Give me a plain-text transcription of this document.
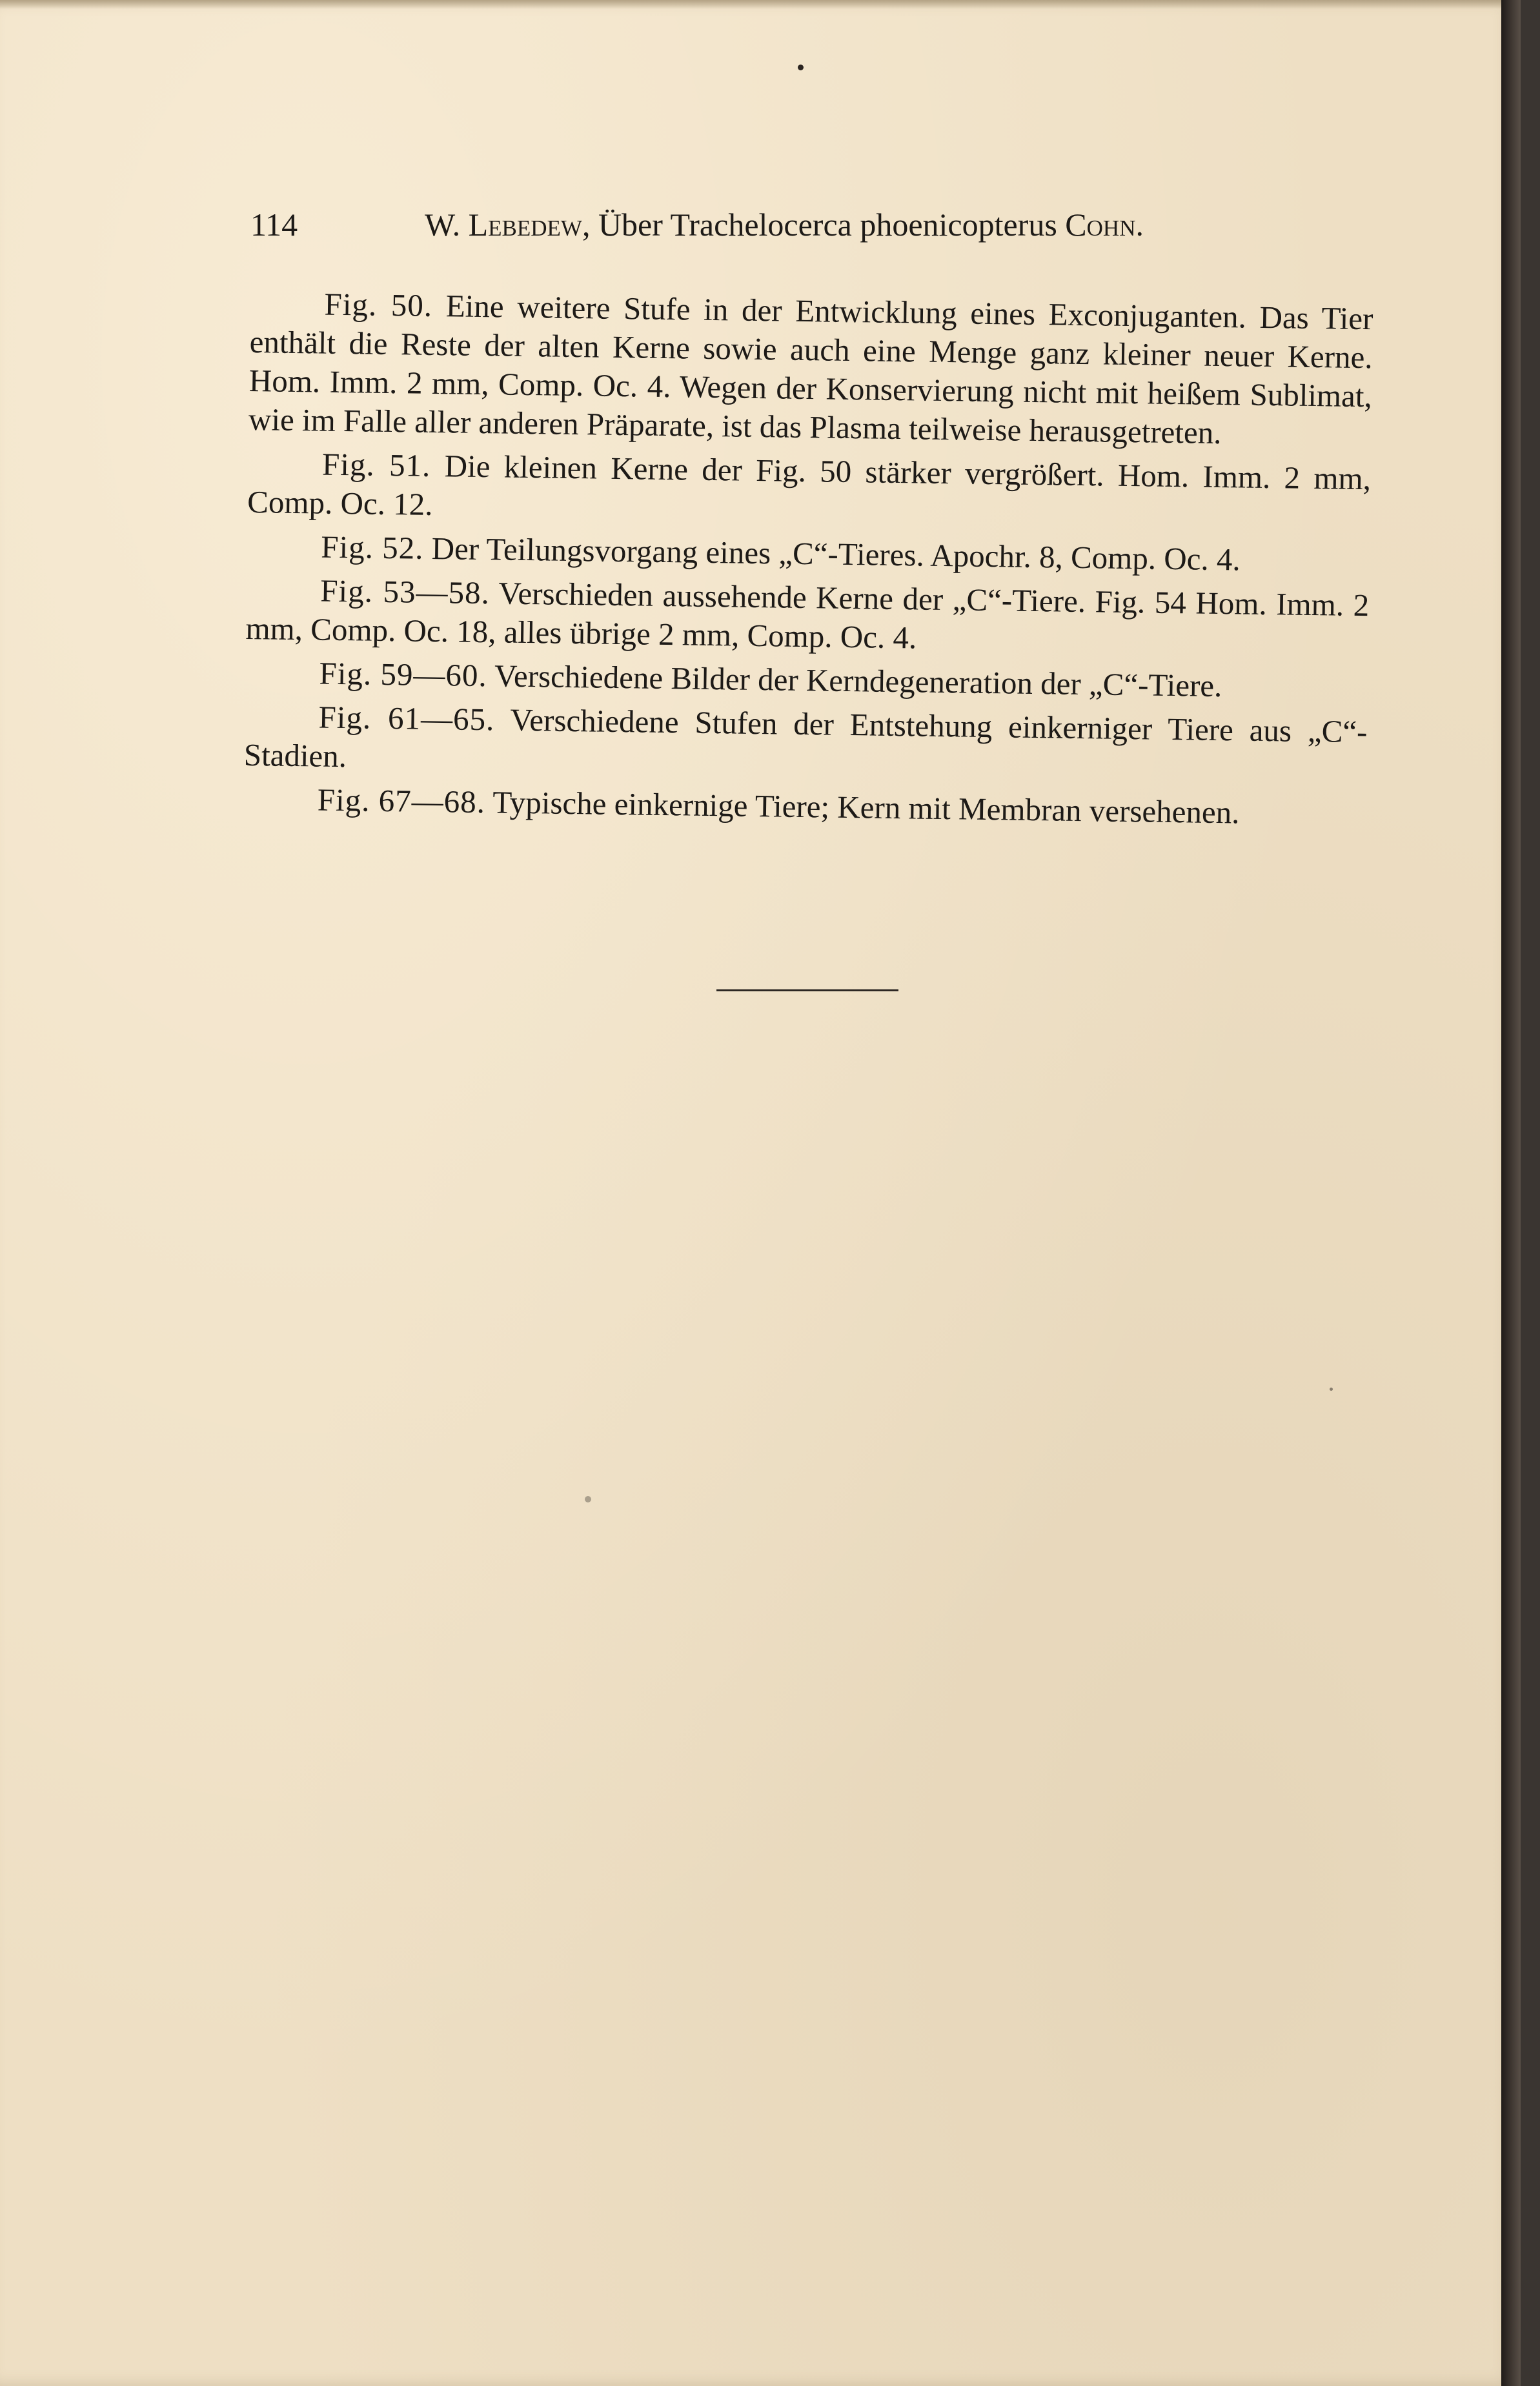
114	W. Lebedew, Über Trachelocerca phoenicopterus Cohn.

Fig. 50. Eine weitere Stufe in der Entwicklung eines Exconjuganten. Das Tier enthält die Reste der alten Kerne sowie auch eine Menge ganz kleiner neuer Kerne. Hom. Imm. 2 mm, Comp. Oc. 4. Wegen der Konservierung nicht mit heißem Sublimat, wie im Falle aller anderen Präparate, ist das Plasma teilweise herausgetreten.

Fig. 51. Die kleinen Kerne der Fig. 50 stärker vergrößert. Hom. Imm. 2 mm, Comp. Oc. 12.

Fig. 52. Der Teilungsvorgang eines „C“-Tieres. Apochr. 8, Comp. Oc. 4.

Fig. 53—58. Verschieden aussehende Kerne der „C“-Tiere. Fig. 54 Hom. Imm. 2 mm, Comp. Oc. 18, alles übrige 2 mm, Comp. Oc. 4.

Fig. 59—60. Verschiedene Bilder der Kerndegeneration der „C“-Tiere.

Fig. 61—65. Verschiedene Stufen der Entstehung einkerniger Tiere aus „C“-Stadien.

Fig. 67—68. Typische einkernige Tiere; Kern mit Membran versehenen.
